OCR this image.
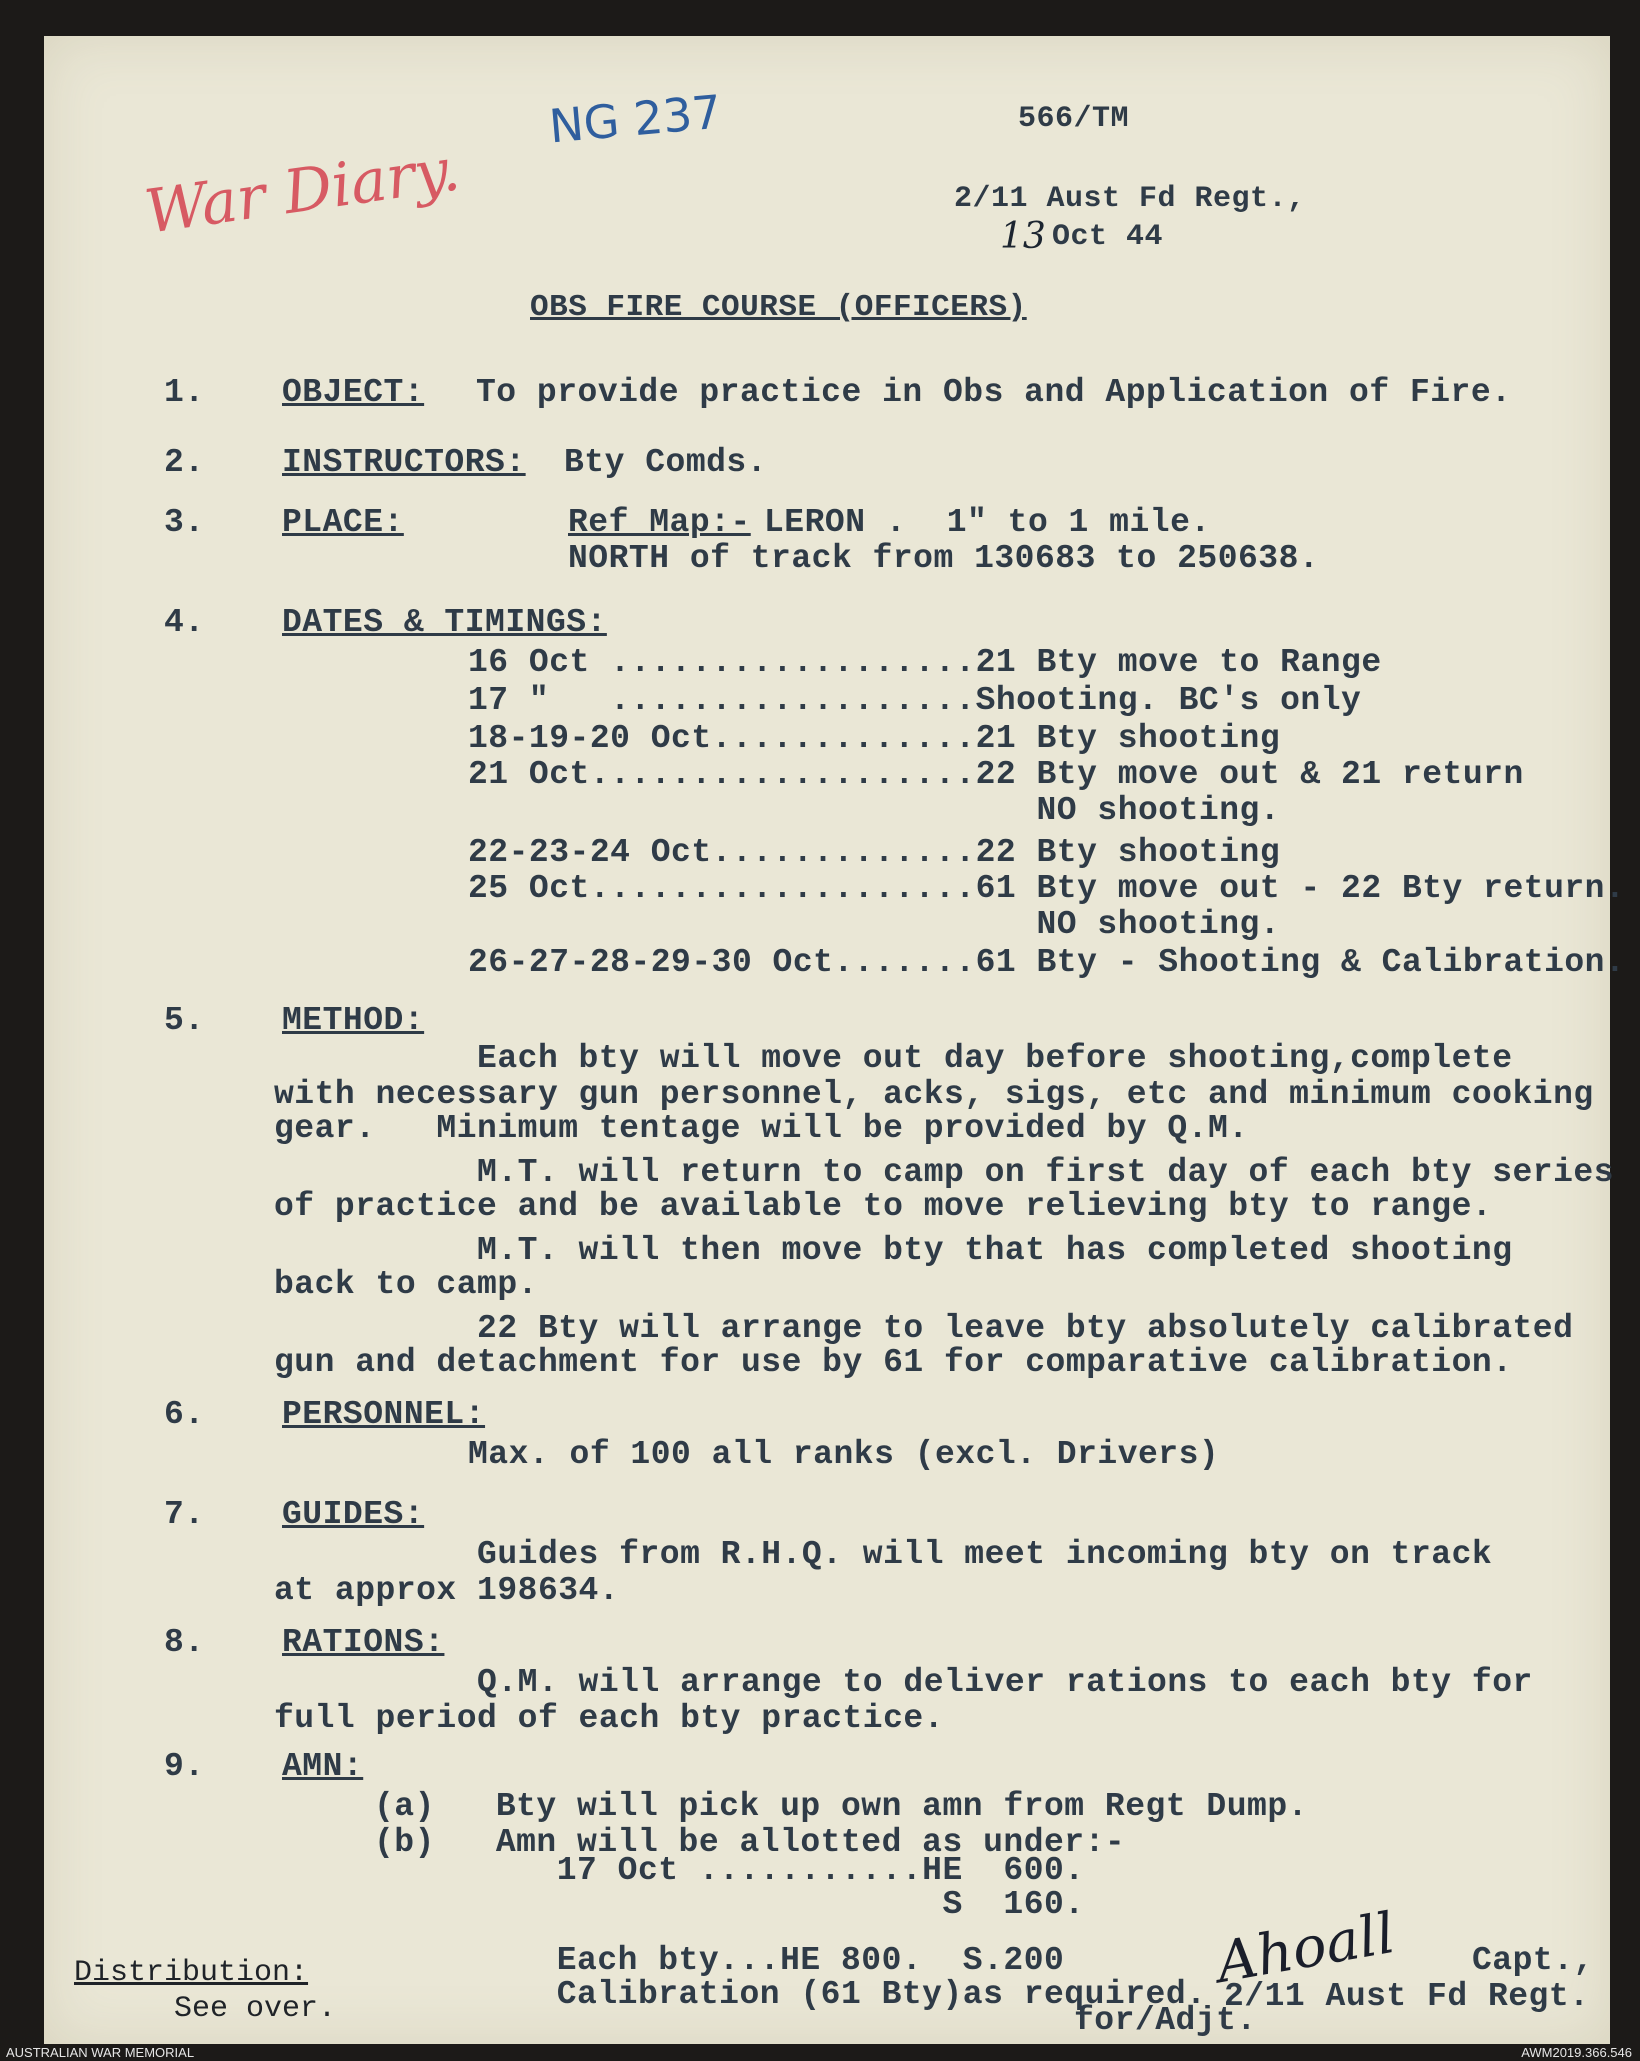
War Diary.
NG 237	566/TM
2/11 Aust Fd Regt.,
13 Oct 44
OBS FIRE COURSE (OFFICERS)
1. OBJECT: To provide practice in Obs and Application of Fire.
2. INSTRUCTORS: Bty Comds.
3. PLACE:	Ref Map:- LERON .  1" to 1 mile.
NORTH of track from 130683 to 250638.
4. DATES & TIMINGS:
16 Oct ..................21 Bty move to Range
17 "   ..................Shooting. BC's only
18-19-20 Oct.............21 Bty shooting
21 Oct...................22 Bty move out & 21 return
NO shooting.
22-23-24 Oct.............22 Bty shooting
25 Oct...................61 Bty move out - 22 Bty return.
NO shooting.
26-27-28-29-30 Oct.......61 Bty - Shooting & Calibration.
5. METHOD:
Each bty will move out day before shooting,complete
with necessary gun personnel, acks, sigs, etc and minimum cooking
gear.   Minimum tentage will be provided by Q.M.
M.T. will return to camp on first day of each bty series
of practice and be available to move relieving bty to range.
M.T. will then move bty that has completed shooting
back to camp.
22 Bty will arrange to leave bty absolutely calibrated
gun and detachment for use by 61 for comparative calibration.
6. PERSONNEL:
Max. of 100 all ranks (excl. Drivers)
7. GUIDES:
Guides from R.H.Q. will meet incoming bty on track
at approx 198634.
8. RATIONS:
Q.M. will arrange to deliver rations to each bty for
full period of each bty practice.
9. AMN:
(a)   Bty will pick up own amn from Regt Dump.
(b)   Amn will be allotted as under:-
17 Oct ...........HE  600.
S  160.
Each bty...HE 800.  S.200
Calibration (61 Bty)as required. Ahoall Capt.,
2/11 Aust Fd Regt.
for/Adjt.
Distribution:
See over.
AUSTRALIAN WAR MEMORIAL	AWM2019.366.546
